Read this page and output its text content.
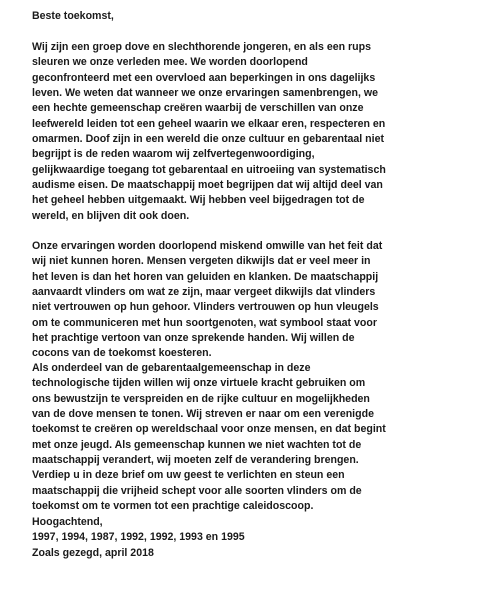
Beste toekomst,
Wij zijn een groep dove en slechthorende jongeren, en als een rups
sleuren we onze verleden mee. We worden doorlopend
geconfronteerd met een overvloed aan beperkingen in ons dagelijks
leven. We weten dat wanneer we onze ervaringen samenbrengen, we
een hechte gemeenschap creëren waarbij de verschillen van onze
leefwereld leiden tot een geheel waarin we elkaar eren, respecteren en
omarmen. Doof zijn in een wereld die onze cultuur en gebarentaal niet
begrijpt is de reden waarom wij zelfvertegenwoordiging,
gelijkwaardige toegang tot gebarentaal en uitroeiing van systematisch
audisme eisen. De maatschappij moet begrijpen dat wij altijd deel van
het geheel hebben uitgemaakt. Wij hebben veel bijgedragen tot de
wereld, en blijven dit ook doen.
Onze ervaringen worden doorlopend miskend omwille van het feit dat
wij niet kunnen horen. Mensen vergeten dikwijls dat er veel meer in
het leven is dan het horen van geluiden en klanken. De maatschappij
aanvaardt vlinders om wat ze zijn, maar vergeet dikwijls dat vlinders
niet vertrouwen op hun gehoor. Vlinders vertrouwen op hun vleugels
om te communiceren met hun soortgenoten, wat symbool staat voor
het prachtige vertoon van onze sprekende handen. Wij willen de
cocons van de toekomst koesteren.
Als onderdeel van de gebarentaalgemeenschap in deze
technologische tijden willen wij onze virtuele kracht gebruiken om
ons bewustzijn te verspreiden en de rijke cultuur en mogelijkheden
van de dove mensen te tonen. Wij streven er naar om een verenigde
toekomst te creëren op wereldschaal voor onze mensen, en dat begint
met onze jeugd. Als gemeenschap kunnen we niet wachten tot de
maatschappij verandert, wij moeten zelf de verandering brengen.
Verdiep u in deze brief om uw geest te verlichten en steun een
maatschappij die vrijheid schept voor alle soorten vlinders om de
toekomst om te vormen tot een prachtige caleidoscoop.
Hoogachtend,
1997, 1994, 1987, 1992, 1992, 1993 en 1995
Zoals gezegd, april 2018
